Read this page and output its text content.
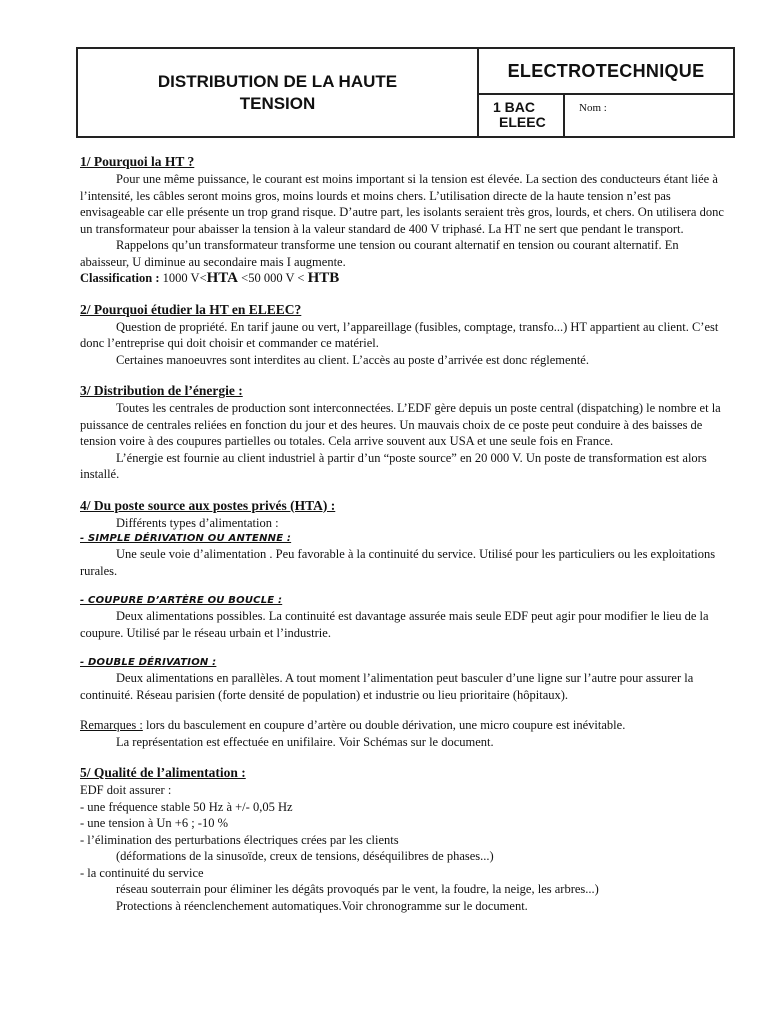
DISTRIBUTION DE LA HAUTE TENSION
ELECTROTECHNIQUE
1 BAC
ELEEC
Nom :
1/ Pourquoi la HT ?

Pour une même puissance, le courant est moins important si la tension est élevée. La section des conducteurs étant liée à l’intensité, les câbles seront moins gros, moins lourds et moins chers. L’utilisation directe de la haute tension n’est pas envisageable car elle présente un trop grand risque. D’autre part, les isolants seraient très gros, lourds, et chers. On utilisera donc un transformateur pour abaisser la tension à la valeur standard de 400 V triphasé. La HT ne sert que pendant le transport.

Rappelons qu’un transformateur transforme une tension ou courant alternatif en tension ou courant alternatif. En abaisseur, U diminue au secondaire mais I augmente.

Classification : 1000 V<HTA <50 000 V < HTB

2/ Pourquoi étudier la HT en ELEEC?

Question de propriété. En tarif jaune ou vert, l’appareillage (fusibles, comptage, transfo...) HT appartient au client. C’est donc l’entreprise qui doit choisir et commander ce matériel.

Certaines manoeuvres sont interdites au client. L’accès au poste d’arrivée est donc réglementé.

3/ Distribution de l’énergie :

Toutes les centrales de production sont interconnectées. L’EDF gère depuis un poste central (dispatching) le nombre et la puissance de centrales reliées en fonction du jour et des heures. Un mauvais choix de ce poste peut conduire à des baisses de tension voire à des coupures partielles ou totales. Cela arrive souvent aux USA et une seule fois en France.

L’énergie est fournie au client industriel à partir d’un “poste source” en 20 000 V. Un poste de transformation est alors installé.

4/ Du poste source aux postes privés (HTA) :

Différents types d’alimentation :

- SIMPLE DÉRIVATION OU ANTENNE :

Une seule voie d’alimentation . Peu favorable à la continuité du service. Utilisé pour les particuliers ou les exploitations rurales.

- COUPURE D’ARTÈRE OU BOUCLE :

Deux alimentations possibles. La continuité est davantage assurée mais seule EDF peut agir pour modifier le lieu de la coupure. Utilisé par le réseau urbain et l’industrie.

- DOUBLE DÉRIVATION :

Deux alimentations en parallèles. A tout moment l’alimentation peut basculer d’une ligne sur l’autre pour assurer la continuité. Réseau parisien (forte densité de population) et industrie ou lieu prioritaire (hôpitaux).

Remarques : lors du basculement en coupure d’artère ou double dérivation, une micro coupure est inévitable.

La représentation est effectuée en unifilaire. Voir Schémas sur le document.

5/ Qualité de l’alimentation :

EDF doit assurer :

- une fréquence stable 50 Hz à +/- 0,05 Hz

- une tension à Un +6 ; -10 %

- l’élimination des perturbations électriques crées par les clients

(déformations de la sinusoïde, creux de tensions, déséquilibres de phases...)

- la continuité du service

réseau souterrain pour éliminer les dégâts provoqués par le vent, la foudre, la neige, les arbres...)

Protections à réenclenchement automatiques.Voir chronogramme sur le document.
